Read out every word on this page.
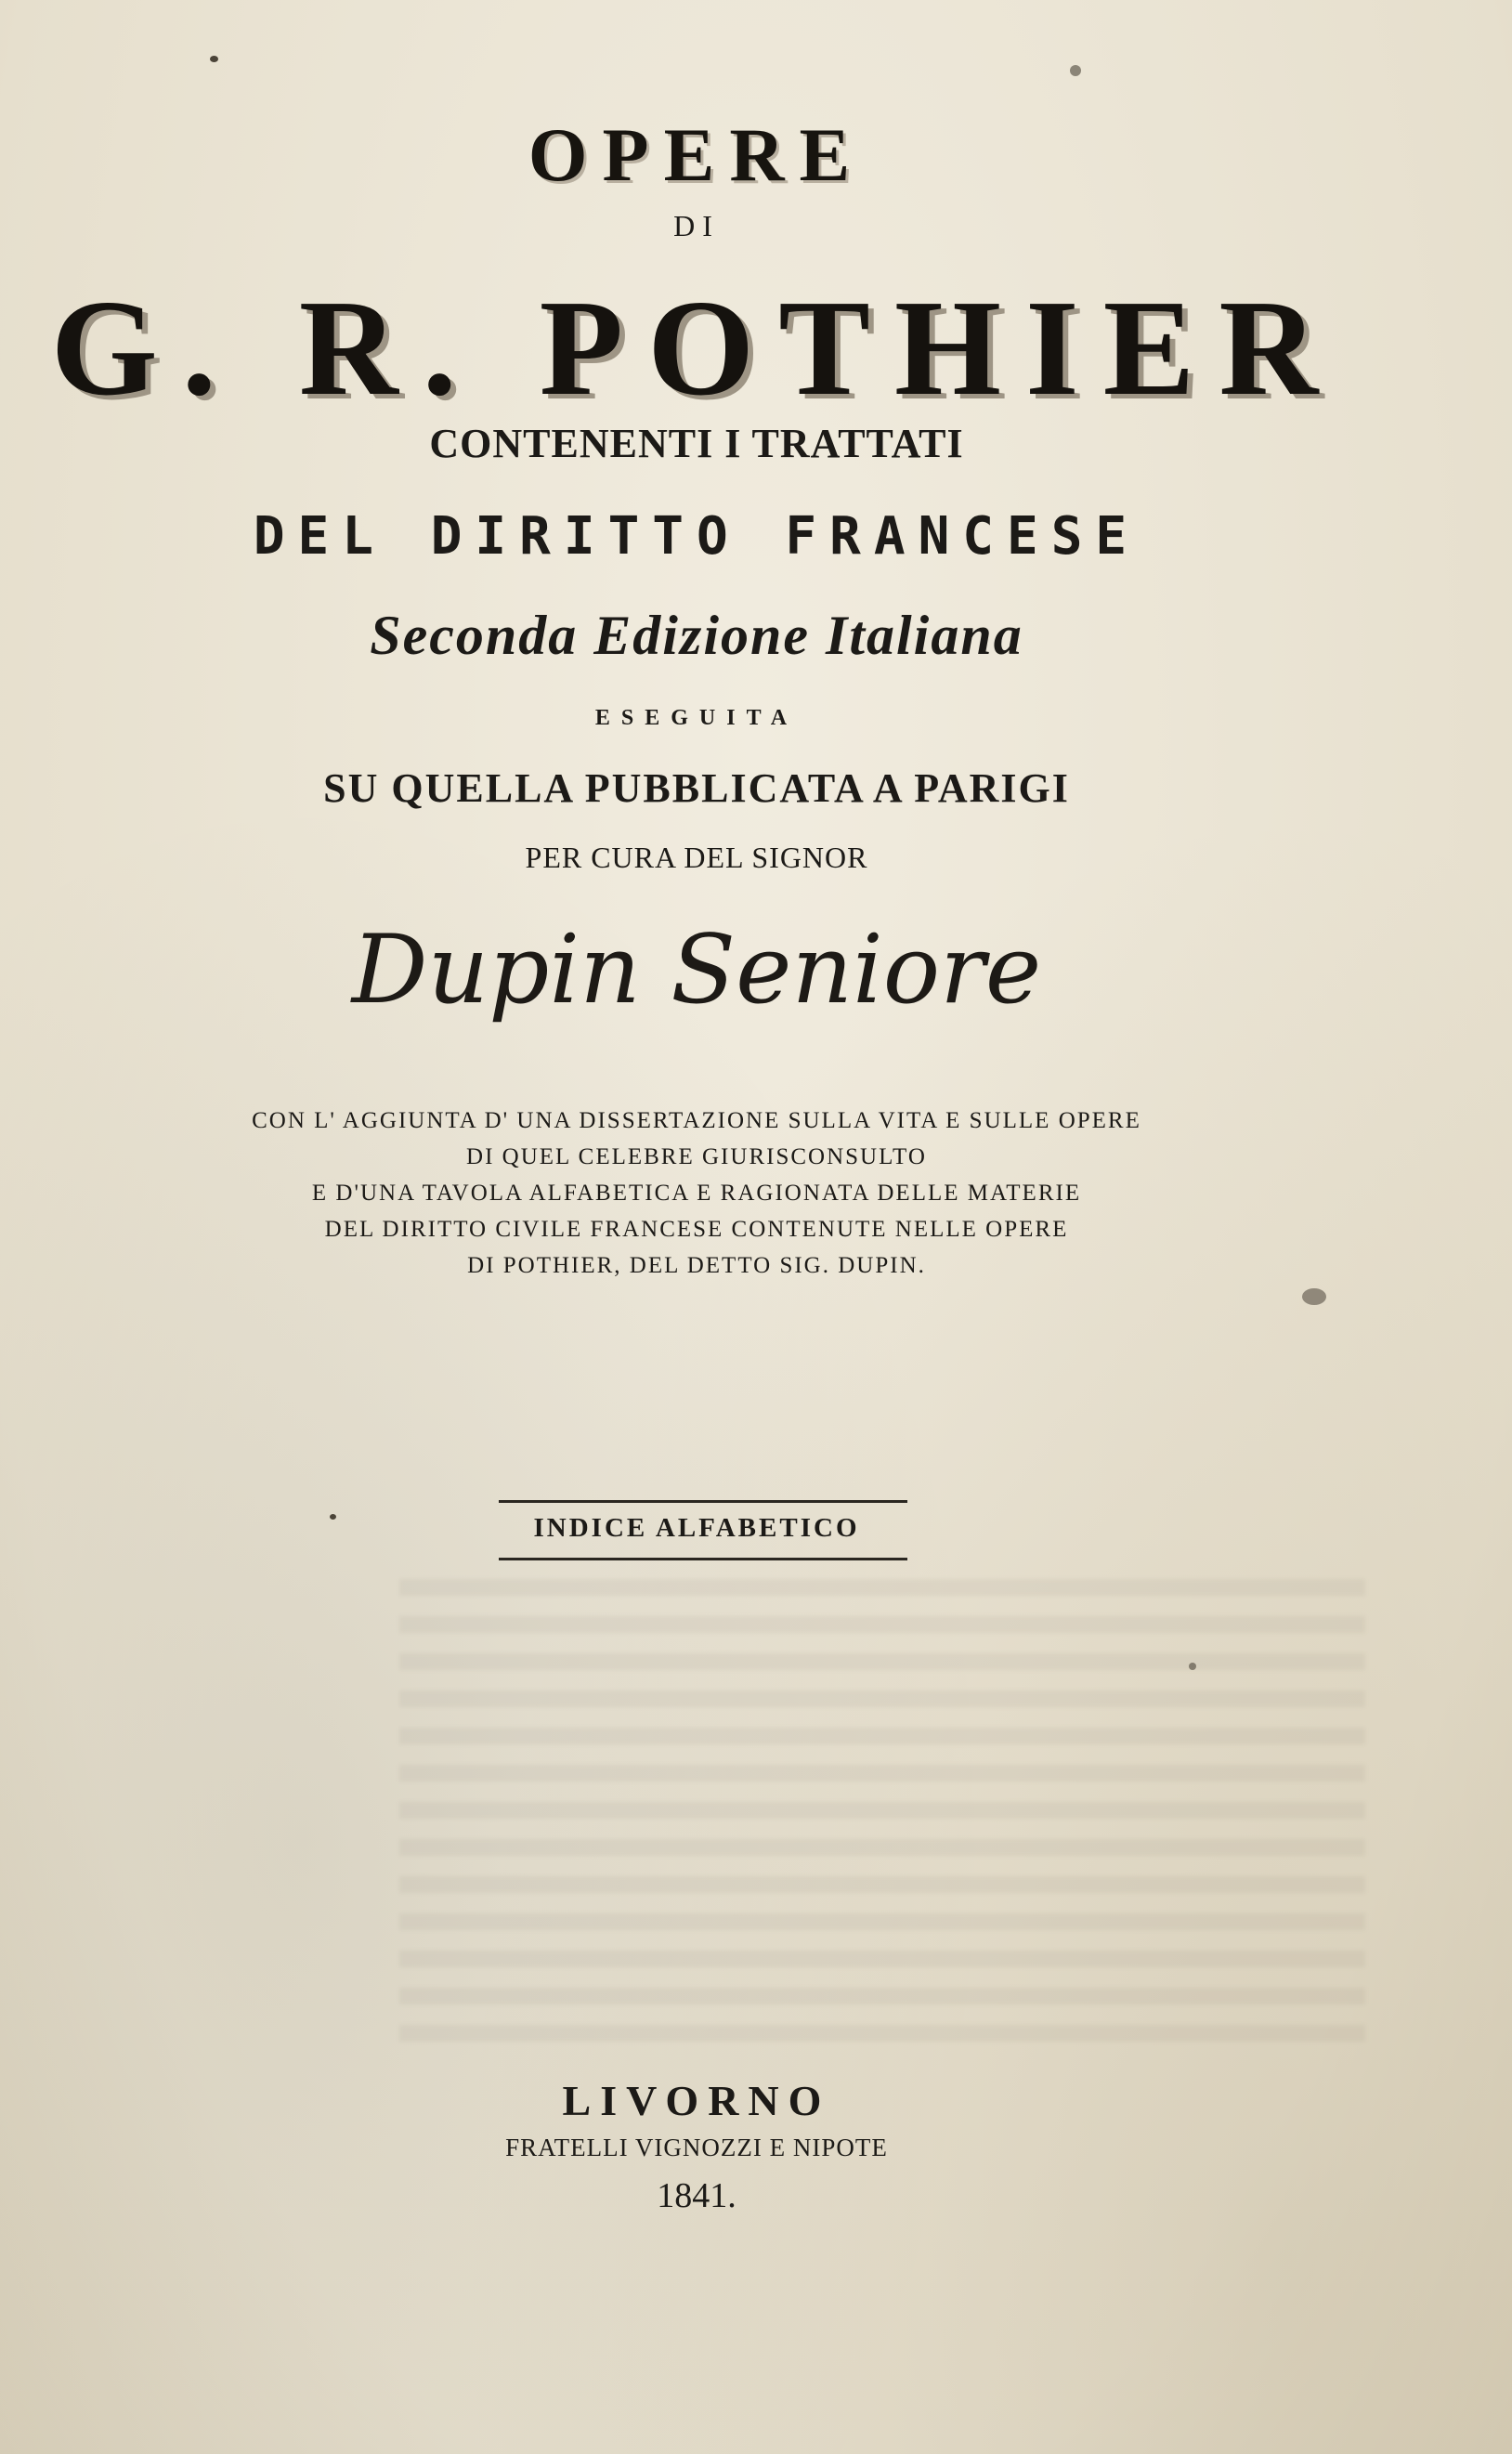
OPERE
DI
G. R. POTHIER
CONTENENTI I TRATTATI
DEL DIRITTO FRANCESE
Seconda Edizione Italiana
ESEGUITA
SU QUELLA PUBBLICATA A PARIGI
PER CURA DEL SIGNOR
Dupin Seniore
CON L' AGGIUNTA D' UNA DISSERTAZIONE SULLA VITA E SULLE OPERE
DI QUEL CELEBRE GIURISCONSULTO
E D'UNA TAVOLA ALFABETICA E RAGIONATA DELLE MATERIE
DEL DIRITTO CIVILE FRANCESE CONTENUTE NELLE OPERE
DI POTHIER, DEL DETTO SIG. DUPIN.
INDICE ALFABETICO
LIVORNO
FRATELLI VIGNOZZI E NIPOTE
1841.
